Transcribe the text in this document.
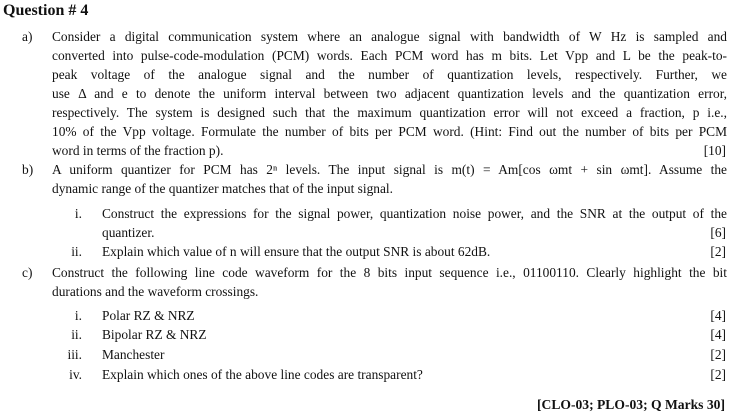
Question # 4
a) Consider a digital communication system where an analogue signal with bandwidth of W Hz is sampled and
converted into pulse-code-modulation (PCM) words. Each PCM word has m bits. Let Vpp and L be the peak-to-
peak voltage of the analogue signal and the number of quantization levels, respectively. Further, we
use Δ and e to denote the uniform interval between two adjacent quantization levels and the quantization error,
respectively. The system is designed such that the maximum quantization error will not exceed a fraction, p i.e.,
10% of the Vpp voltage. Formulate the number of bits per PCM word. (Hint: Find out the number of bits per PCM
word in terms of the fraction p).	[10]
b) A uniform quantizer for PCM has 2ⁿ levels. The input signal is m(t) = Am[cos ωmt + sin ωmt]. Assume the
dynamic range of the quantizer matches that of the input signal.
i. Construct the expressions for the signal power, quantization noise power, and the SNR at the output of the
quantizer.	[6]
ii. Explain which value of n will ensure that the output SNR is about 62dB.	[2]
c) Construct the following line code waveform for the 8 bits input sequence i.e., 01100110. Clearly highlight the bit
durations and the waveform crossings.
i. Polar RZ & NRZ	[4]
ii. Bipolar RZ & NRZ	[4]
iii. Manchester	[2]
iv. Explain which ones of the above line codes are transparent?	[2]
[CLO-03; PLO-03; Q Marks 30]
